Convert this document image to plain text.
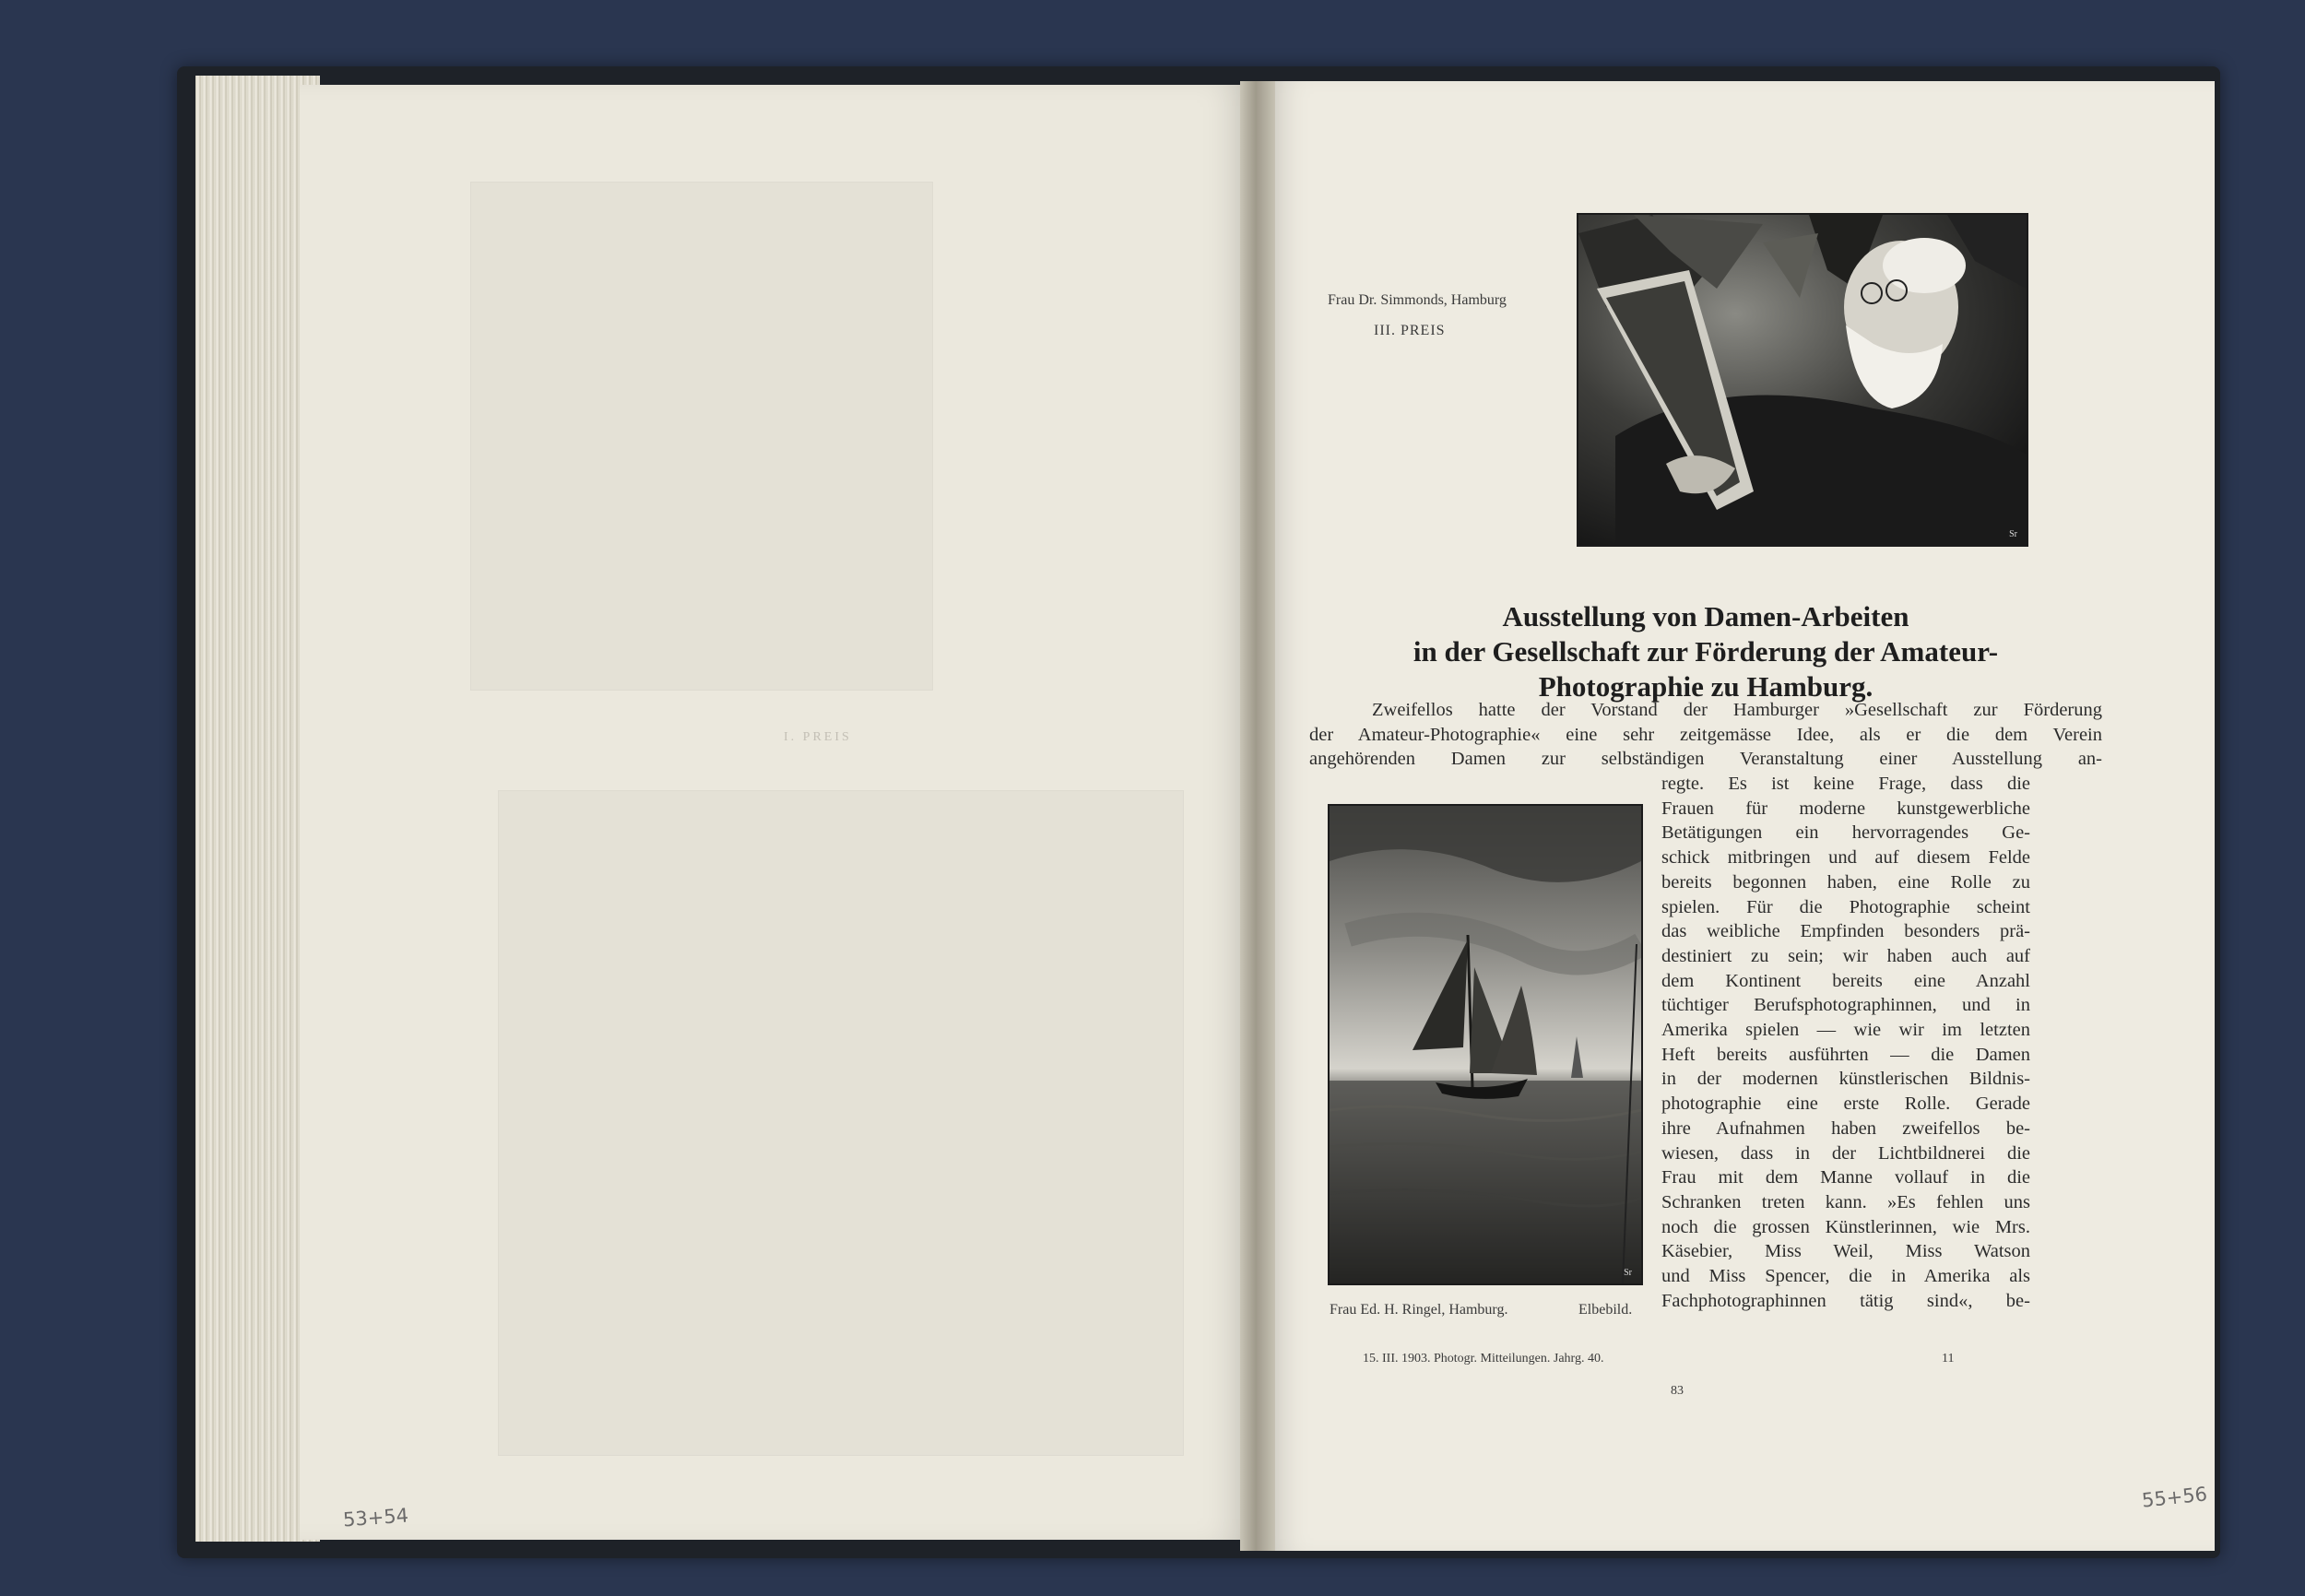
I. PREIS
Frau Dr. Simmonds, Hamburg
III. PREIS
Sr
Ausstellung von Damen-Arbeiten
in der Gesellschaft zur Förderung der Amateur-
Photographie zu Hamburg.
Zweifellos hatte der Vorstand der Hamburger »Gesellschaft zur Förderung
der Amateur-Photographie« eine sehr zeitgemässe Idee, als er die dem Verein
angehörenden Damen zur selbständigen Veranstaltung einer Ausstellung an-
Sr
Frau Ed. H. Ringel, Hamburg.	Elbebild.
regte. Es ist keine Frage, dass die
Frauen für moderne kunstgewerbliche
Betätigungen ein hervorragendes Ge-
schick mitbringen und auf diesem Felde
bereits begonnen haben, eine Rolle zu
spielen. Für die Photographie scheint
das weibliche Empfinden besonders prä-
destiniert zu sein; wir haben auch auf
dem Kontinent bereits eine Anzahl
tüchtiger Berufsphotographinnen, und in
Amerika spielen — wie wir im letzten
Heft bereits ausführten — die Damen
in der modernen künstlerischen Bildnis-
photographie eine erste Rolle. Gerade
ihre Aufnahmen haben zweifellos be-
wiesen, dass in der Lichtbildnerei die
Frau mit dem Manne vollauf in die
Schranken treten kann. »Es fehlen uns
noch die grossen Künstlerinnen, wie Mrs.
Käsebier, Miss Weil, Miss Watson
und Miss Spencer, die in Amerika als
Fachphotographinnen tätig sind«, be-
15. III. 1903. Photogr. Mitteilungen. Jahrg. 40.	11
83
53+54
55+56
